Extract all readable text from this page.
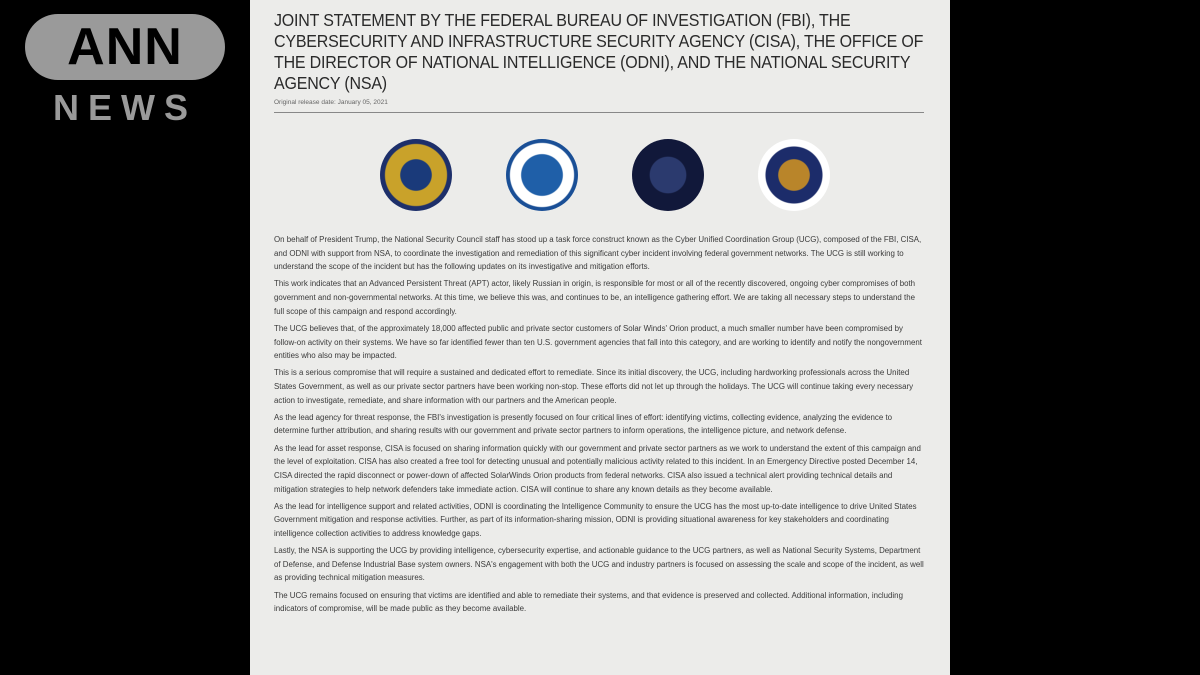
ANN
NEWS
JOINT STATEMENT BY THE FEDERAL BUREAU OF INVESTIGATION (FBI), THE CYBERSECURITY AND INFRASTRUCTURE SECURITY AGENCY (CISA), THE OFFICE OF THE DIRECTOR OF NATIONAL INTELLIGENCE (ODNI), AND THE NATIONAL SECURITY AGENCY (NSA)
Original release date: January 05, 2021

On behalf of President Trump, the National Security Council staff has stood up a task force construct known as the Cyber Unified Coordination Group (UCG), composed of the FBI, CISA, and ODNI with support from NSA, to coordinate the investigation and remediation of this significant cyber incident involving federal government networks. The UCG is still working to understand the scope of the incident but has the following updates on its investigative and mitigation efforts.

This work indicates that an Advanced Persistent Threat (APT) actor, likely Russian in origin, is responsible for most or all of the recently discovered, ongoing cyber compromises of both government and non-governmental networks. At this time, we believe this was, and continues to be, an intelligence gathering effort. We are taking all necessary steps to understand the full scope of this campaign and respond accordingly.

The UCG believes that, of the approximately 18,000 affected public and private sector customers of Solar Winds' Orion product, a much smaller number have been compromised by follow-on activity on their systems. We have so far identified fewer than ten U.S. government agencies that fall into this category, and are working to identify and notify the nongovernment entities who also may be impacted.

This is a serious compromise that will require a sustained and dedicated effort to remediate. Since its initial discovery, the UCG, including hardworking professionals across the United States Government, as well as our private sector partners have been working non-stop. These efforts did not let up through the holidays. The UCG will continue taking every necessary action to investigate, remediate, and share information with our partners and the American people.

As the lead agency for threat response, the FBI's investigation is presently focused on four critical lines of effort: identifying victims, collecting evidence, analyzing the evidence to determine further attribution, and sharing results with our government and private sector partners to inform operations, the intelligence picture, and network defense.

As the lead for asset response, CISA is focused on sharing information quickly with our government and private sector partners as we work to understand the extent of this campaign and the level of exploitation. CISA has also created a free tool for detecting unusual and potentially malicious activity related to this incident. In an Emergency Directive posted December 14, CISA directed the rapid disconnect or power-down of affected SolarWinds Orion products from federal networks. CISA also issued a technical alert providing technical details and mitigation strategies to help network defenders take immediate action. CISA will continue to share any known details as they become available.

As the lead for intelligence support and related activities, ODNI is coordinating the Intelligence Community to ensure the UCG has the most up-to-date intelligence to drive United States Government mitigation and response activities. Further, as part of its information-sharing mission, ODNI is providing situational awareness for key stakeholders and coordinating intelligence collection activities to address knowledge gaps.

Lastly, the NSA is supporting the UCG by providing intelligence, cybersecurity expertise, and actionable guidance to the UCG partners, as well as National Security Systems, Department of Defense, and Defense Industrial Base system owners. NSA's engagement with both the UCG and industry partners is focused on assessing the scale and scope of the incident, as well as providing technical mitigation measures.

The UCG remains focused on ensuring that victims are identified and able to remediate their systems, and that evidence is preserved and collected. Additional information, including indicators of compromise, will be made public as they become available.
